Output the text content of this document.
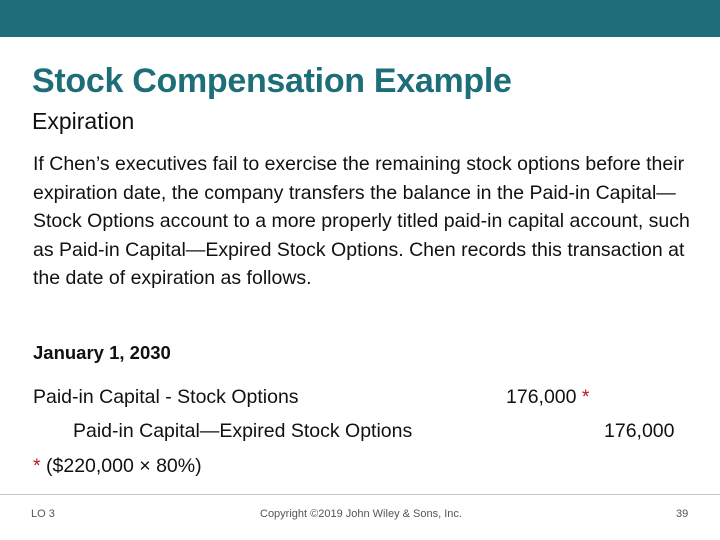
Stock Compensation Example
Expiration

If Chen’s executives fail to exercise the remaining stock options before their expiration date, the company transfers the balance in the Paid-in Capital—Stock Options account to a more properly titled paid-in capital account, such as Paid-in Capital—Expired Stock Options. Chen records this transaction at the date of expiration as follows.

January 1, 2030
Paid-in Capital - Stock Options
Paid-in Capital—Expired Stock Options
176,000 *
176,000
* ($220,000 × 80%)
LO 3	Copyright ©2019 John Wiley & Sons, Inc.	39
